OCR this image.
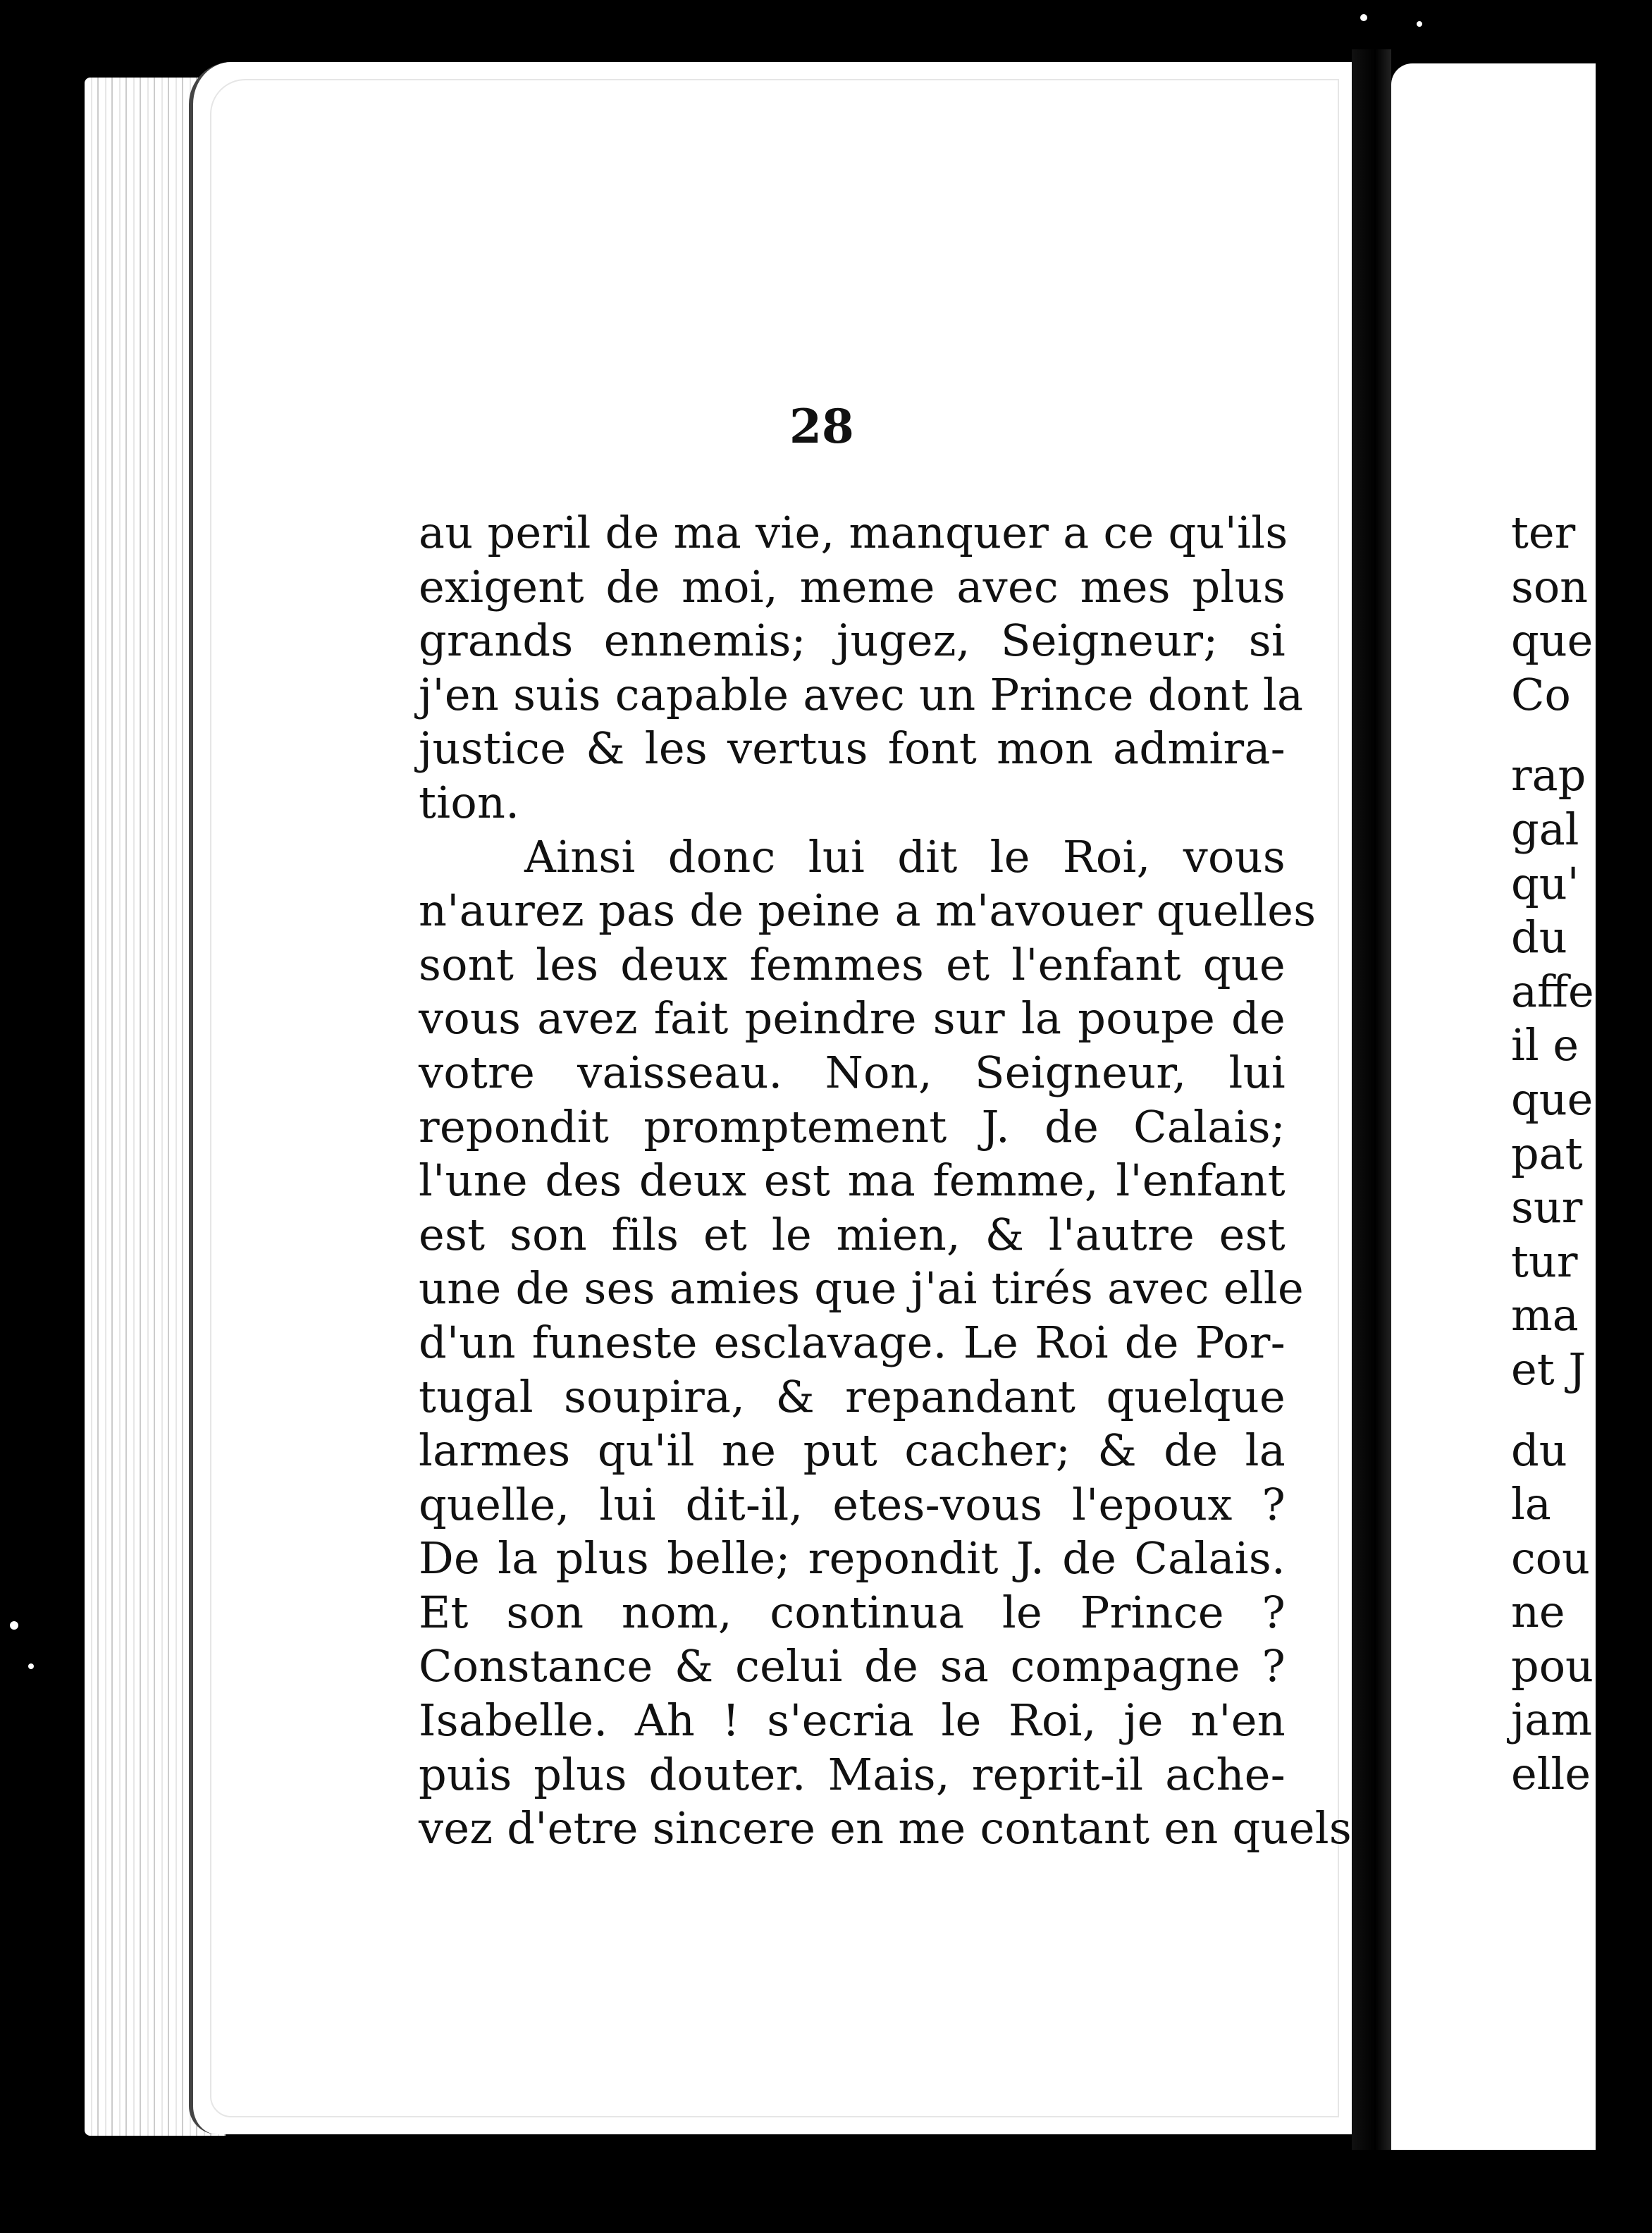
28
au peril de ma vie, manquer a ce qu'ils
exigent de moi, meme avec mes plus
grands ennemis; jugez, Seigneur; si
j'en suis capable avec un Prince dont la
justice & les vertus font mon admira-
tion.
Ainsi donc lui dit le Roi, vous
n'aurez pas de peine a m'avouer quelles
sont les deux femmes et l'enfant que
vous avez fait peindre sur la poupe de
votre vaisseau. Non, Seigneur, lui
repondit promptement J. de Calais;
l'une des deux est ma femme, l'enfant
est son fils et le mien, & l'autre est
une de ses amies que j'ai tirés avec elle
d'un funeste esclavage. Le Roi de Por-
tugal soupira, & repandant quelque
larmes qu'il ne put cacher; & de la
quelle, lui dit-il, etes-vous l'epoux ?
De la plus belle; repondit J. de Calais.
Et son nom, continua le Prince ?
Constance & celui de sa compagne ?
Isabelle. Ah ! s'ecria le Roi, je n'en
puis plus douter. Mais, reprit-il ache-
vez d'etre sincere en me contant en quels
ter
son
que
Co
rap
gal
qu'
du
affe
il e
que
pat
sur
tur
ma
et J
du
la
cou
ne
pou
jam
elle
